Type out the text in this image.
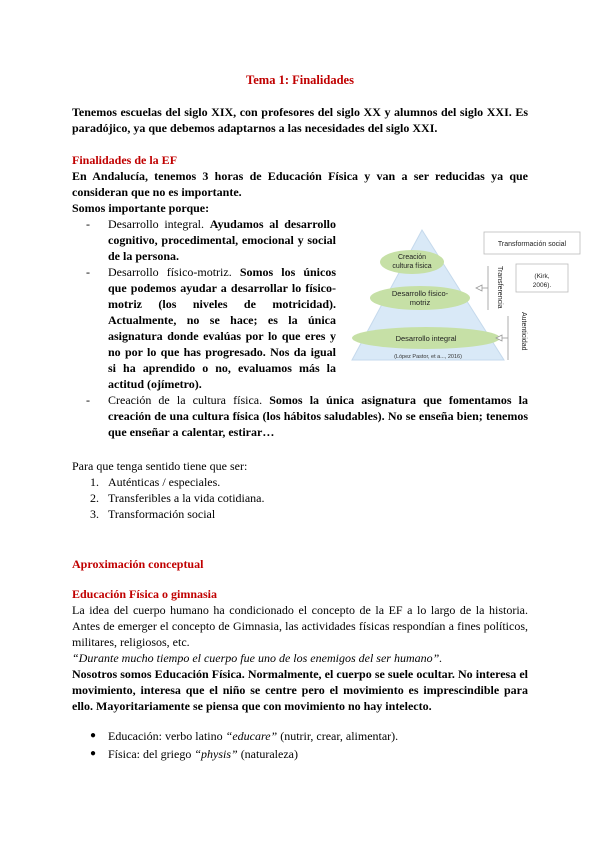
Tema 1: Finalidades
Tenemos escuelas del siglo XIX, con profesores del siglo XX y alumnos del siglo XXI. Es paradójico, ya que debemos adaptarnos a las necesidades del siglo XXI.
Finalidades de la EF
En Andalucía, tenemos 3 horas de Educación Física y van a ser reducidas ya que consideran que no es importante.
Somos importante porque:
- Desarrollo integral. Ayudamos al desarrollo cognitivo, procedimental, emocional y social de la persona.
- Desarrollo físico-motriz. Somos los únicos que podemos ayudar a desarrollar lo físico-motriz (los niveles de motricidad). Actualmente, no se hace; es la única asignatura donde evalúas por lo que eres y no por lo que has progresado. Nos da igual si ha aprendido o no, evaluamos más la actitud (ojímetro).
- Creación de la cultura física. Somos la única asignatura que fomentamos la creación de una cultura física (los hábitos saludables). No se enseña bien; tenemos que enseñar a calentar, estirar…
Para que tenga sentido tiene que ser:
1. Auténticas / especiales.
2. Transferibles a la vida cotidiana.
3. Transformación social
Aproximación conceptual
Educación Física o gimnasia
La idea del cuerpo humano ha condicionado el concepto de la EF a lo largo de la historia. Antes de emerger el concepto de Gimnasia, las actividades físicas respondían a fines políticos, militares, religiosos, etc.
“Durante mucho tiempo el cuerpo fue uno de los enemigos del ser humano”.
Nosotros somos Educación Física. Normalmente, el cuerpo se suele ocultar. No interesa el movimiento, interesa que el niño se centre pero el movimiento es imprescindible para ello. Mayoritariamente se piensa que con movimiento no hay intelecto.
● Educación: verbo latino “educare” (nutrir, crear, alimentar).
● Física: del griego “physis” (naturaleza)
Creación cultura física
Desarrollo físico-motriz
Desarrollo integral
(López Pastor, et a..., 2016)
Transformación social
Transferencia	(Kirk, 2006).
Autenticidad
